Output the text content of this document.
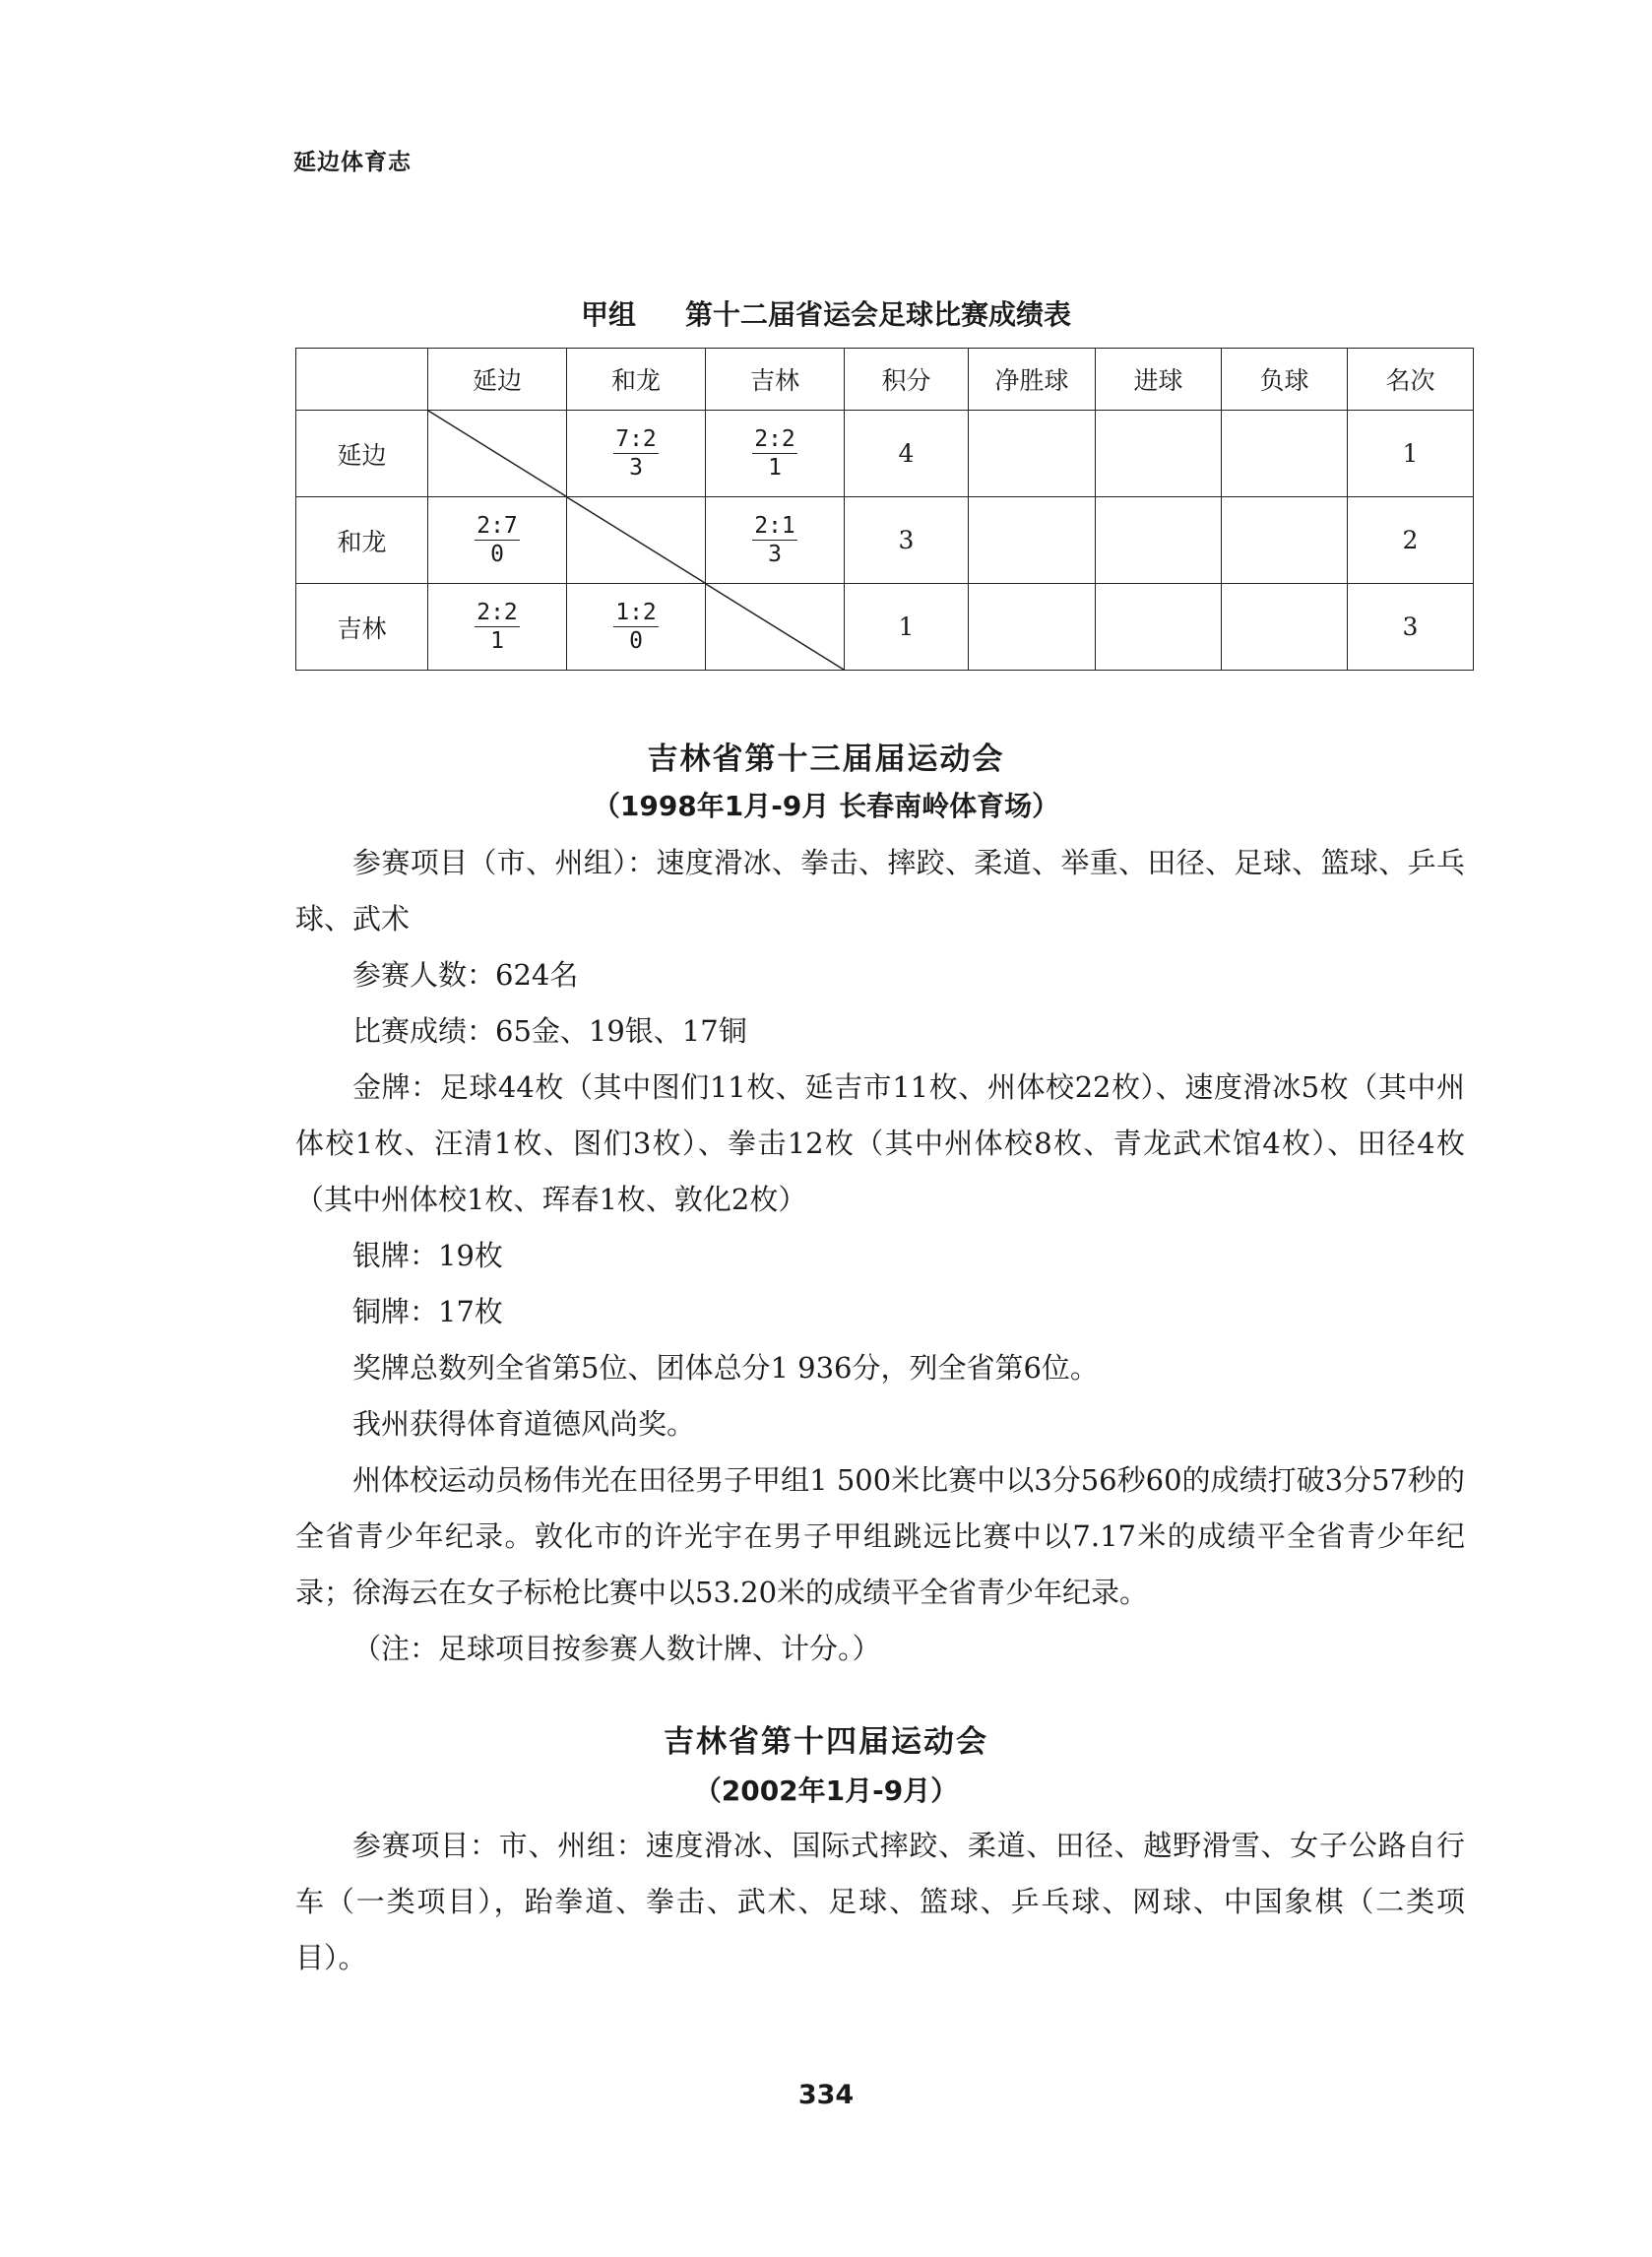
延边体育志
甲组 第十二届省运会足球比赛成绩表
	延边	和龙	吉林	积分	净胜球	进球	负球	名次
延边		$\frac{7:2}{3}$	$\frac{2:2}{1}$	4				1
和龙	$\frac{2:7}{0}$		$\frac{2:1}{3}$	3				2
吉林	$\frac{2:2}{1}$	$\frac{1:2}{0}$		1				3
吉林省第十三届届运动会
（1998年1月-9月 长春南岭体育场）

参赛项目（市、州组）：速度滑冰、拳击、摔跤、柔道、举重、田径、足球、篮球、乒乓球、武术

参赛人数：624名

比赛成绩：65金、19银、17铜

金牌：足球44枚（其中图们11枚、延吉市11枚、州体校22枚）、速度滑冰5枚（其中州体校1枚、汪清1枚、图们3枚）、拳击12枚（其中州体校8枚、青龙武术馆4枚）、田径4枚（其中州体校1枚、珲春1枚、敦化2枚）

银牌：19枚

铜牌：17枚

奖牌总数列全省第5位、团体总分1 936分，列全省第6位。

我州获得体育道德风尚奖。

州体校运动员杨伟光在田径男子甲组1 500米比赛中以3分56秒60的成绩打破3分57秒的全省青少年纪录。敦化市的许光宇在男子甲组跳远比赛中以7.17米的成绩平全省青少年纪录；徐海云在女子标枪比赛中以53.20米的成绩平全省青少年纪录。

（注：足球项目按参赛人数计牌、计分。）

吉林省第十四届运动会
（2002年1月-9月）

参赛项目：市、州组：速度滑冰、国际式摔跤、柔道、田径、越野滑雪、女子公路自行车（一类项目），跆拳道、拳击、武术、足球、篮球、乒乓球、网球、中国象棋（二类项目）。

334
